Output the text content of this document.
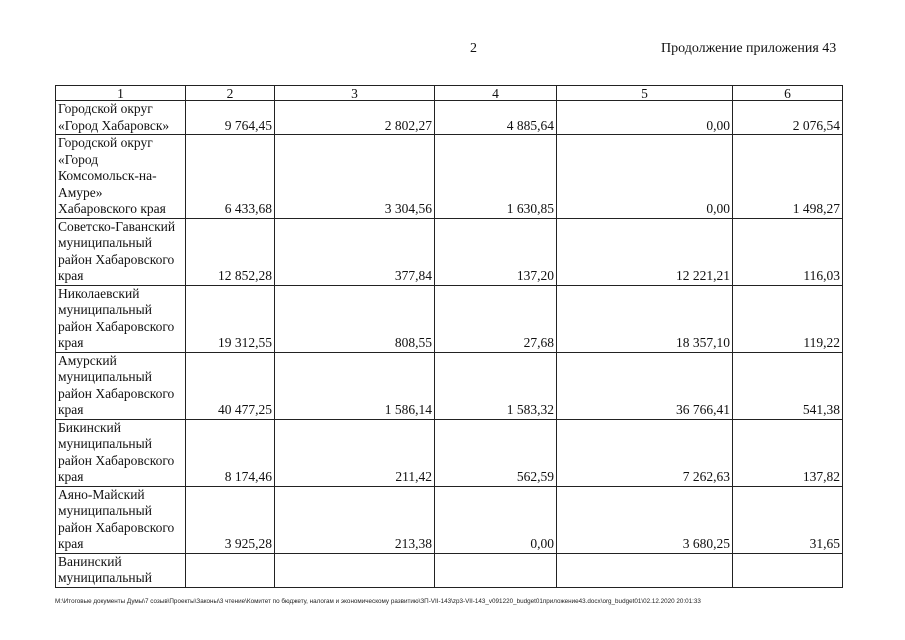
2	Продолжение приложения 43
1	2	3	4	5	6
Городской округ
«Город Хабаровск»	9 764,45	2 802,27	4 885,64	0,00	2 076,54
Городской округ
«Город
Комсомольск-на-
Амуре»
Хабаровского края	6 433,68	3 304,56	1 630,85	0,00	1 498,27
Советско-Гаванский
муниципальный
район Хабаровского
края	12 852,28	377,84	137,20	12 221,21	116,03
Николаевский
муниципальный
район Хабаровского
края	19 312,55	808,55	27,68	18 357,10	119,22
Амурский
муниципальный
район Хабаровского
края	40 477,25	1 586,14	1 583,32	36 766,41	541,38
Бикинский
муниципальный
район Хабаровского
края	8 174,46	211,42	562,59	7 262,63	137,82
Аяно-Майский
муниципальный
район Хабаровского
края	3 925,28	213,38	0,00	3 680,25	31,65
Ванинский
муниципальный					
M:\Итоговые документы Думы\7 созыв\Проекты\Законы\3 чтение\Комитет по бюджету, налогам и экономическому развитию\ЗП-VII-143\zp3-VII-143_v091220_budget01приложение43.docx\org_budget01\02.12.2020 20:01:33
